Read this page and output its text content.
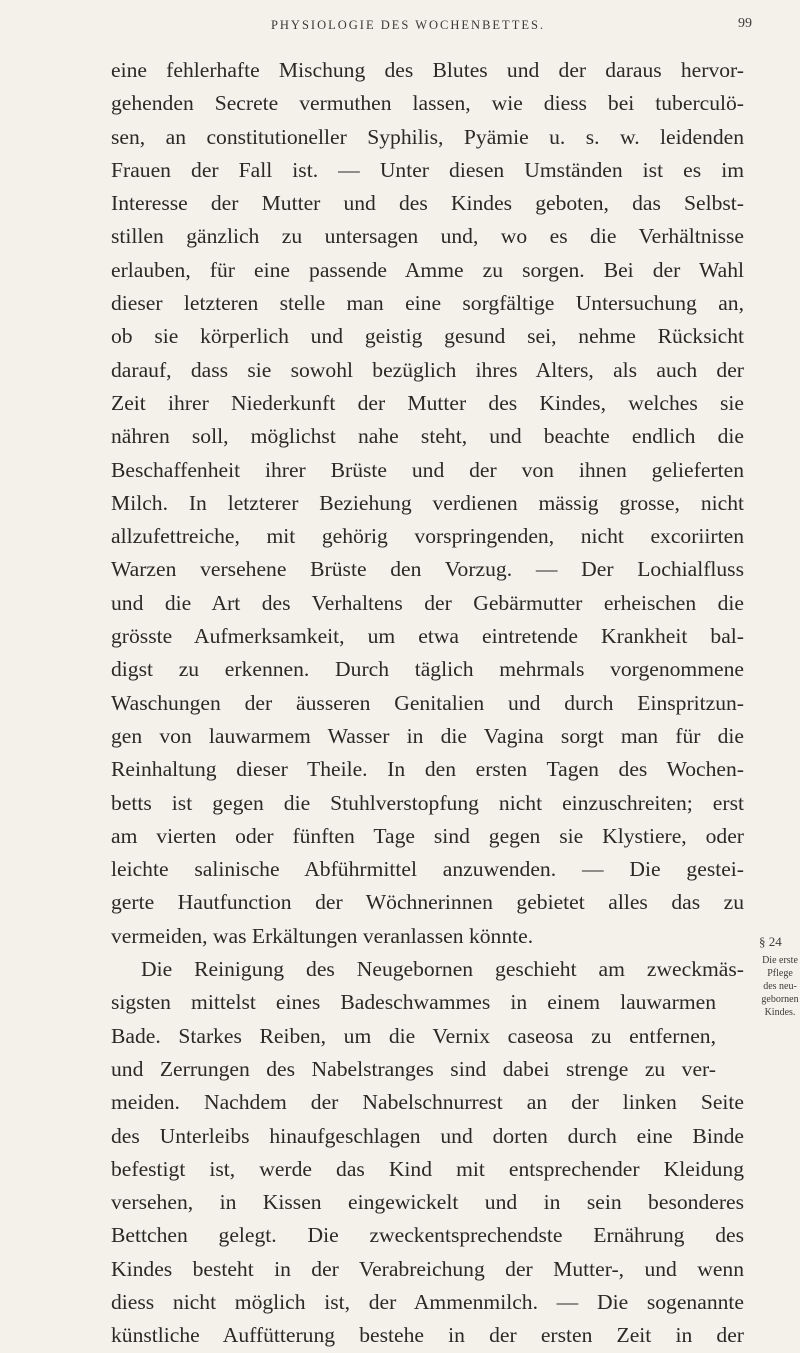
PHYSIOLOGIE DES WOCHENBETTES.	99
eine fehlerhafte Mischung des Blutes und der daraus hervor-
gehenden Secrete vermuthen lassen, wie diess bei tuberculö-
sen, an constitutioneller Syphilis, Pyämie u. s. w. leidenden
Frauen der Fall ist. — Unter diesen Umständen ist es im
Interesse der Mutter und des Kindes geboten, das Selbst-
stillen gänzlich zu untersagen und, wo es die Verhältnisse
erlauben, für eine passende Amme zu sorgen. Bei der Wahl
dieser letzteren stelle man eine sorgfältige Untersuchung an,
ob sie körperlich und geistig gesund sei, nehme Rücksicht
darauf, dass sie sowohl bezüglich ihres Alters, als auch der
Zeit ihrer Niederkunft der Mutter des Kindes, welches sie
nähren soll, möglichst nahe steht, und beachte endlich die
Beschaffenheit ihrer Brüste und der von ihnen gelieferten
Milch. In letzterer Beziehung verdienen mässig grosse, nicht
allzufettreiche, mit gehörig vorspringenden, nicht excoriirten
Warzen versehene Brüste den Vorzug. — Der Lochialfluss
und die Art des Verhaltens der Gebärmutter erheischen die
grösste Aufmerksamkeit, um etwa eintretende Krankheit bal-
digst zu erkennen. Durch täglich mehrmals vorgenommene
Waschungen der äusseren Genitalien und durch Einspritzun-
gen von lauwarmem Wasser in die Vagina sorgt man für die
Reinhaltung dieser Theile. In den ersten Tagen des Wochen-
betts ist gegen die Stuhlverstopfung nicht einzuschreiten; erst
am vierten oder fünften Tage sind gegen sie Klystiere, oder
leichte salinische Abführmittel anzuwenden. — Die gestei-
gerte Hautfunction der Wöchnerinnen gebietet alles das zu
vermeiden, was Erkältungen veranlassen könnte.
Die Reinigung des Neugebornen geschieht am zweckmäs-
sigsten mittelst eines Badeschwammes in einem lauwarmen
Bade. Starkes Reiben, um die Vernix caseosa zu entfernen,
und Zerrungen des Nabelstranges sind dabei strenge zu ver-
meiden. Nachdem der Nabelschnurrest an der linken Seite
des Unterleibs hinaufgeschlagen und dorten durch eine Binde
befestigt ist, werde das Kind mit entsprechender Kleidung
versehen, in Kissen eingewickelt und in sein besonderes
Bettchen gelegt. Die zweckentsprechendste Ernährung des
Kindes besteht in der Verabreichung der Mutter-, und wenn
diess nicht möglich ist, der Ammenmilch. — Die sogenannte
künstliche Auffütterung bestehe in der ersten Zeit in der
§ 24
Die erste
Pflege
des neu-
gebornen
Kindes.
